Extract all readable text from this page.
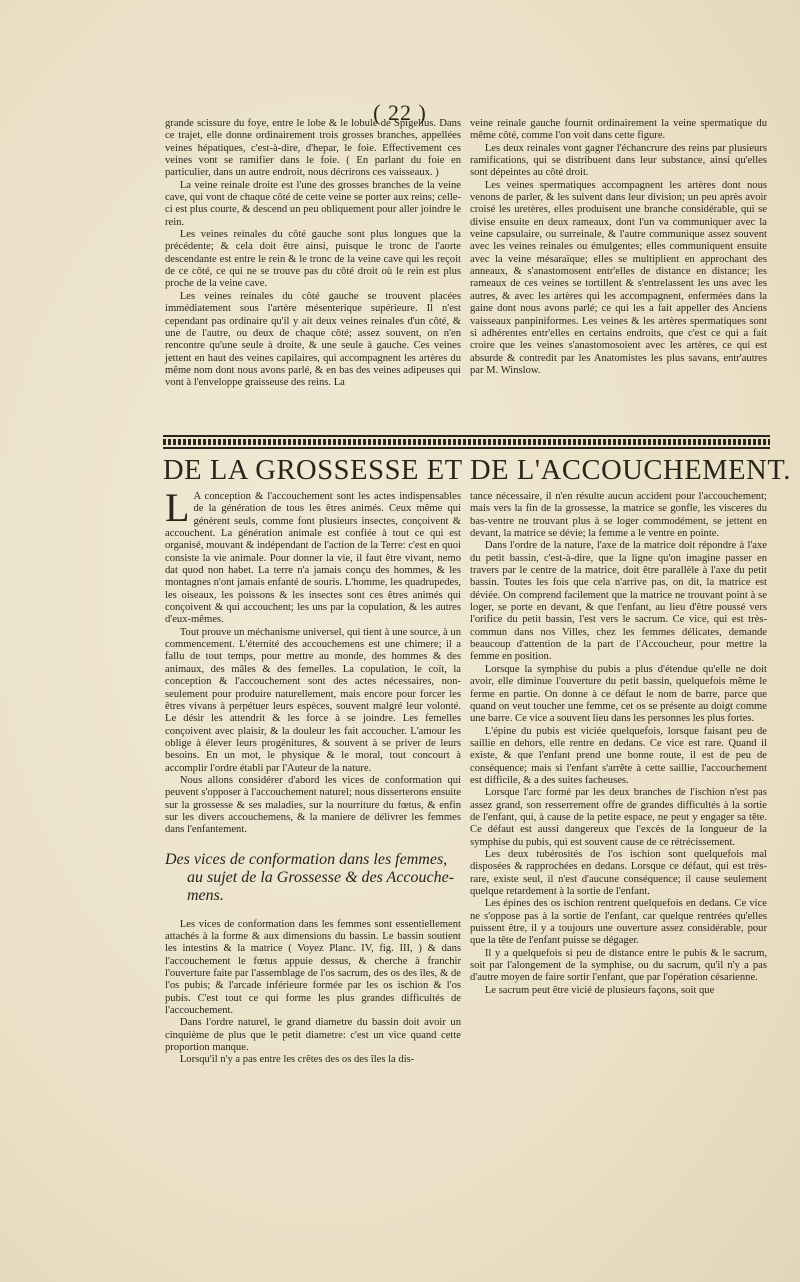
( 22 )

grande scissure du foye, entre le lobe & le lobule de Spigelius. Dans ce trajet, elle donne ordinairement trois grosses branches, appellées veines hépatiques, c'est-à-dire, d'hepar, le foie. Effectivement ces veines vont se ramifier dans le foie. ( En parlant du foie en particulier, dans un autre endroit, nous décrirons ces vaisseaux. )

La veine reinale droite est l'une des grosses branches de la veine cave, qui vont de chaque côté de cette veine se porter aux reins; celle-ci est plus courte, & descend un peu obliquement pour aller joindre le rein.

Les veines reinales du côté gauche sont plus longues que la précédente; & cela doit être ainsi, puisque le tronc de l'aorte descendante est entre le rein & le tronc de la veine cave qui les reçoit de ce côté, ce qui ne se trouve pas du côté droit où le rein est plus proche de la veine cave.

Les veines reinales du côté gauche se trouvent placées immédiatement sous l'artère mésenterique supérieure. Il n'est cependant pas ordinaire qu'il y ait deux veines reinales d'un côté, & une de l'autre, ou deux de chaque côté; assez souvent, on n'en rencontre qu'une seule à droite, & une seule à gauche. Ces veines jettent en haut des veines capilaires, qui accompagnent les artères du même nom dont nous avons parlé, & en bas des veines adipeuses qui vont à l'enveloppe graisseuse des reins. La

veine reinale gauche fournit ordinairement la veine spermatique du même côté, comme l'on voit dans cette figure.

Les deux reinales vont gagner l'échancrure des reins par plusieurs ramifications, qui se distribuent dans leur substance, ainsi qu'elles sont dépeintes au côté droit.

Les veines spermatiques accompagnent les artères dont nous venons de parler, & les suivent dans leur division; un peu après avoir croisé les uretères, elles produisent une branche considérable, qui se divise ensuite en deux rameaux, dont l'un va communiquer avec la veine capsulaire, ou surreinale, & l'autre communique assez souvent avec les veines reinales ou émulgentes; elles communiquent ensuite avec la veine mésaraïque; elles se multiplient en approchant des anneaux, & s'anastomosent entr'elles de distance en distance; les rameaux de ces veines se tortillent & s'entrelassent les uns avec les autres, & avec les artères qui les accompagnent, enfermées dans la gaine dont nous avons parlé; ce qui les a fait appeller des Anciens vaisseaux panpiniformes. Les veines & les artères spermatiques sont si adhérentes entr'elles en certains endroits, que c'est ce qui a fait croire que les veines s'anastomosoient avec les artères, ce qui est absurde & contredit par les Anatomistes les plus savans, entr'autres par M. Winslow.

DE LA GROSSESSE ET DE L'ACCOUCHEMENT.

L A conception & l'accouchement sont les actes indispensables de la génération de tous les êtres animés. Ceux même qui génèrent seuls, comme font plusieurs insectes, conçoivent & accouchent. La génération animale est confiée à tout ce qui est organisé, mouvant & indépendant de l'action de la Terre: c'est en quoi consiste la vie animale. Pour donner la vie, il faut être vivant, nemo dat quod non habet. La terre n'a jamais conçu des hommes, & les montagnes n'ont jamais enfanté de souris. L'homme, les quadrupedes, les oiseaux, les poissons & les insectes sont ces êtres animés qui conçoivent & qui accouchent; les uns par la copulation, & les autres d'eux-mêmes.

Tout prouve un méchanisme universel, qui tient à une source, à un commencement. L'éternité des accouchemens est une chimere; il a fallu de tout temps, pour mettre au monde, des hommes & des animaux, des mâles & des femelles. La copulation, le coït, la conception & l'accouchement sont des actes nécessaires, non-seulement pour produire naturellement, mais encore pour forcer les êtres vivans à perpétuer leurs espèces, souvent malgré leur volonté. Le désir les attendrit & les force à se joindre. Les femelles conçoivent avec plaisir, & la douleur les fait accoucher. L'amour les oblige à élever leurs progénitures, & souvent à se priver de leurs besoins. En un mot, le physique & le moral, tout concourt à accomplir l'ordre établi par l'Auteur de la nature.

Nous allons considérer d'abord les vices de conformation qui peuvent s'opposer à l'accouchement naturel; nous disserterons ensuite sur la grossesse & ses maladies, sur la nourriture du fœtus, & enfin sur les divers accouchemens, & la maniere de délivrer les femmes dans l'enfantement.

Des vices de conformation dans les femmes,
au sujet de la Grossesse & des Accouche-
mens.

Les vices de conformation dans les femmes sont essentiellement attachés à la forme & aux dimensions du bassin. Le bassin soutient les intestins & la matrice ( Voyez Planc. IV, fig. III, ) & dans l'accouchement le fœtus appuie dessus, & cherche à franchir l'ouverture faite par l'assemblage de l'os sacrum, des os des îles, & de l'os pubis; & l'arcade inférieure formée par les os ischion & l'os pubis. C'est tout ce qui forme les plus grandes difficultés de l'accouchement.

Dans l'ordre naturel, le grand diametre du bassin doit avoir un cinquième de plus que le petit diametre: c'est un vice quand cette proportion manque.

Lorsqu'il n'y a pas entre les crêtes des os des îles la dis-

tance nécessaire, il n'en résulte aucun accident pour l'accouchement; mais vers la fin de la grossesse, la matrice se gonfle, les visceres du bas-ventre ne trouvant plus à se loger commodément, se jettent en devant, la matrice se dévie; la femme a le ventre en pointe.

Dans l'ordre de la nature, l'axe de la matrice doit répondre à l'axe du petit bassin, c'est-à-dire, que la ligne qu'on imagine passer en travers par le centre de la matrice, doit être parallèle à l'axe du petit bassin. Toutes les fois que cela n'arrive pas, on dit, la matrice est déviée. On comprend facilement que la matrice ne trouvant point à se loger, se porte en devant, & que l'enfant, au lieu d'être poussé vers l'orifice du petit bassin, l'est vers le sacrum. Ce vice, qui est très-commun dans nos Villes, chez les femmes délicates, demande beaucoup d'attention de la part de l'Accoucheur, pour mettre la femme en position.

Lorsque la symphise du pubis a plus d'étendue qu'elle ne doit avoir, elle diminue l'ouverture du petit bassin, quelquefois même le ferme en partie. On donne à ce défaut le nom de barre, parce que quand on veut toucher une femme, cet os se présente au doigt comme une barre. Ce vice a souvent lieu dans les personnes les plus fortes.

L'épine du pubis est viciée quelquefois, lorsque faisant peu de saillie en dehors, elle rentre en dedans. Ce vice est rare. Quand il existe, & que l'enfant prend une bonne route, il est de peu de conséquence; mais si l'enfant s'arrête à cette saillie, l'accouchement est difficile, & a des suites facheuses.

Lorsque l'arc formé par les deux branches de l'ischion n'est pas assez grand, son resserrement offre de grandes difficultés à la sortie de l'enfant, qui, à cause de la petite espace, ne peut y engager sa tête. Ce défaut est aussi dangereux que l'excès de la longueur de la symphise du pubis, qui est souvent cause de ce rétrécissement.

Les deux tubérosités de l'os ischion sont quelquefois mal disposées & rapprochées en dedans. Lorsque ce défaut, qui est très-rare, existe seul, il n'est d'aucune conséquence; il cause seulement quelque retardement à la sortie de l'enfant.

Les épines des os ischion rentrent quelquefois en dedans. Ce vice ne s'oppose pas à la sortie de l'enfant, car quelque rentrées qu'elles puissent être, il y a toujours une ouverture assez considérable, pour que la tête de l'enfant puisse se dégager.

Il y a quelquefois si peu de distance entre le pubis & le sacrum, soit par l'alongement de la symphise, ou du sacrum, qu'il n'y a pas d'autre moyen de faire sortir l'enfant, que par l'opération césarienne.

Le sacrum peut être vicié de plusieurs façons, soit que
